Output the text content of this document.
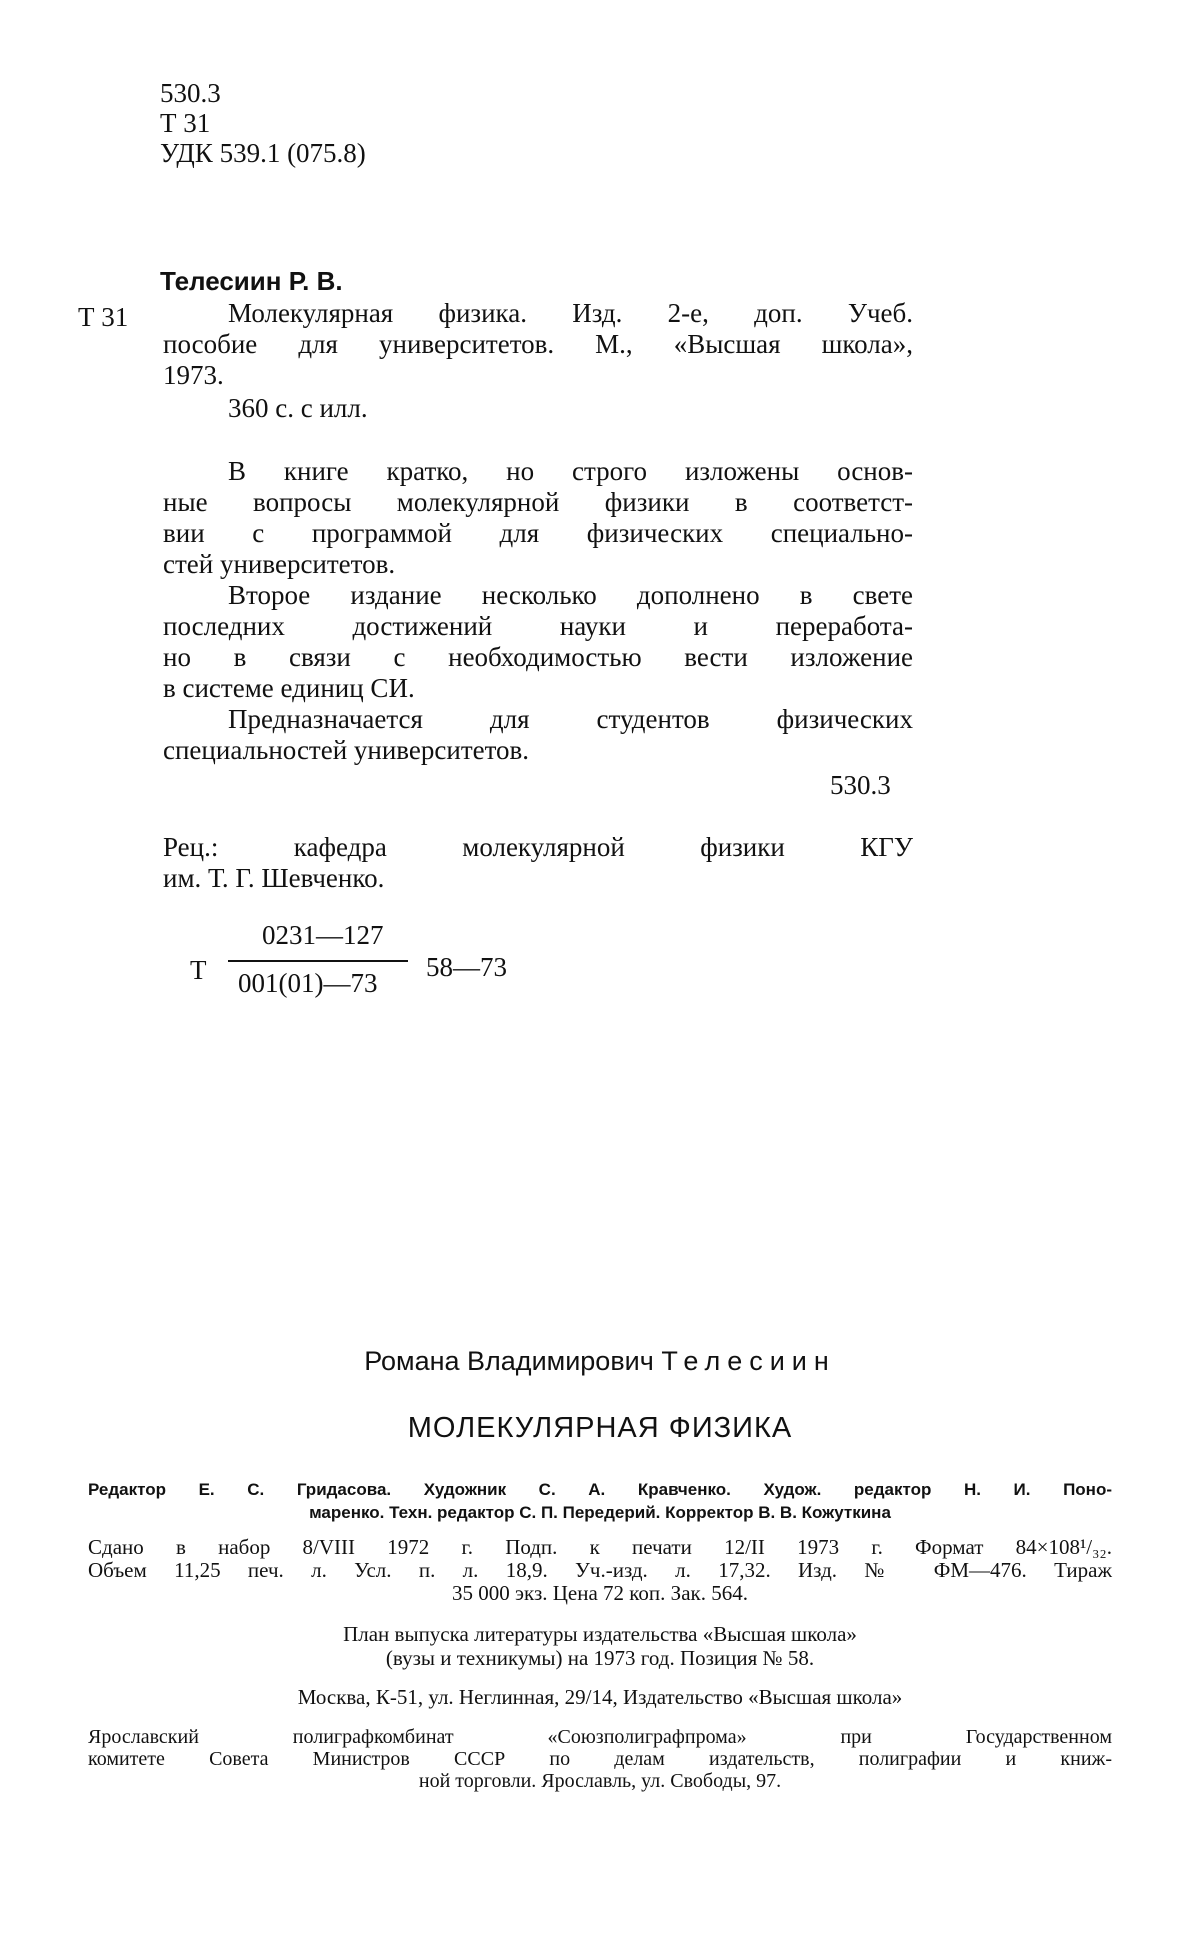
530.3
Т 31
УДК 539.1 (075.8)
Телесиин Р. В.
Т 31	Молекулярная физика. Изд. 2-е, доп. Учеб.
пособие для университетов. М., «Высшая школа»,
1973.
360 с. с илл.
В книге кратко, но строго изложены основ-
ные вопросы молекулярной физики в соответст-
вии с программой для физических специально-
стей университетов.
Второе издание несколько дополнено в свете
последних достижений науки и переработа-
но в связи с необходимостью вести изложение
в системе единиц СИ.
Предназначается для студентов физических
специальностей университетов.
530.3
Рец.: кафедра молекулярной физики КГУ
им. Т. Г. Шевченко.
Т
0231—127
001(01)—73
58—73
Романа Владимирович Телесиин
МОЛЕКУЛЯРНАЯ ФИЗИКА
Редактор Е. С. Гридасова. Художник С. А. Кравченко. Худож. редактор Н. И. Поно-
маренко. Техн. редактор С. П. Передерий. Корректор В. В. Кожуткина
Сдано в набор 8/VIII 1972 г. Подп. к печати 12/II 1973 г. Формат 84×108¹/₃₂.
Объем 11,25 печ. л. Усл. п. л. 18,9. Уч.-изд. л. 17,32. Изд. № ФМ—476. Тираж
35 000 экз. Цена 72 коп. Зак. 564.
План выпуска литературы издательства «Высшая школа»
(вузы и техникумы) на 1973 год. Позиция № 58.
Москва, К-51, ул. Неглинная, 29/14, Издательство «Высшая школа»
Ярославский полиграфкомбинат «Союзполиграфпрома» при Государственном
комитете Совета Министров СССР по делам издательств, полиграфии и книж-
ной торговли. Ярославль, ул. Свободы, 97.
